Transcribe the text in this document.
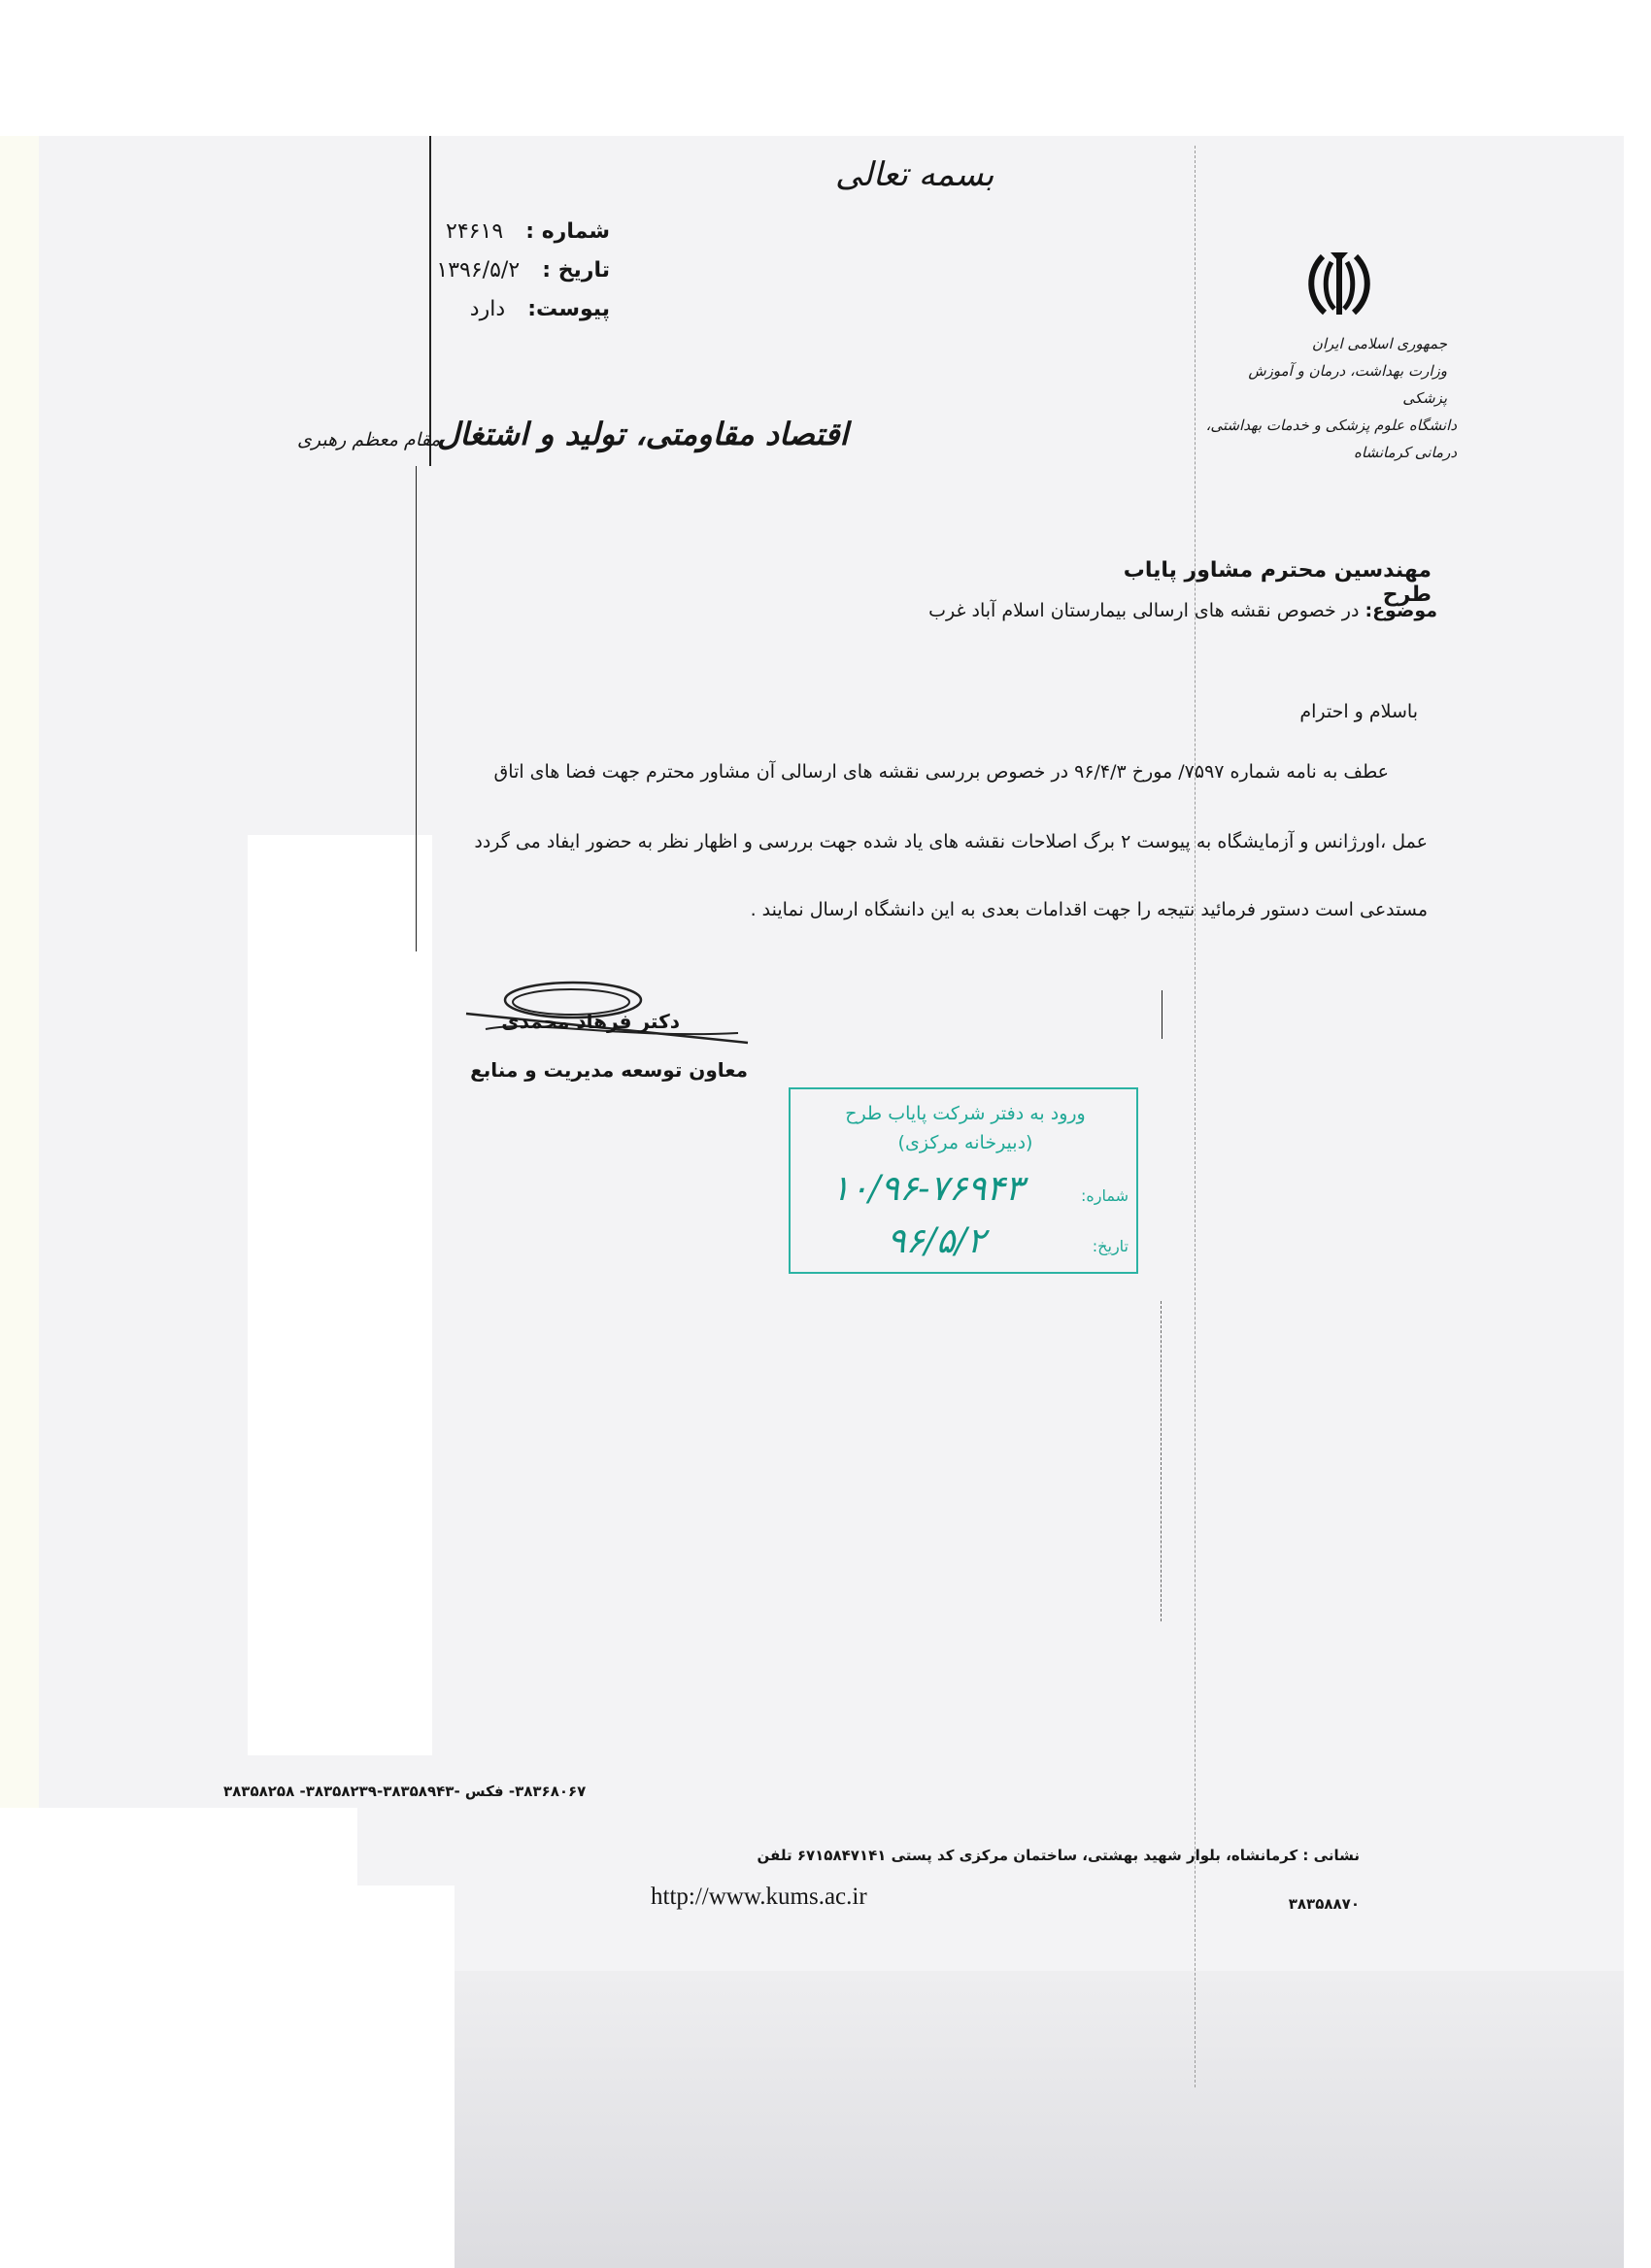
بسمه تعالی
شماره : ۲۴۶۱۹
تاریخ : ۱۳۹۶/۵/۲
پیوست: دارد
جمهوری اسلامی ایران
وزارت بهداشت، درمان و آموزش پزشکی
دانشگاه علوم پزشکی و خدمات بهداشتی، درمانی کرمانشاه
اقتصاد مقاومتی، تولید و اشتغال
مقام معظم رهبری
مهندسین محترم مشاور پایاب طرح
موضوع: در خصوص نقشه های ارسالی بیمارستان اسلام آباد غرب
باسلام و احترام
عطف به نامه شماره ۷۵۹۷/ مورخ ۹۶/۴/۳ در خصوص بررسی نقشه های ارسالی آن مشاور محترم جهت فضا های اتاق
عمل ،اورژانس و آزمایشگاه به پیوست ۲ برگ اصلاحات نقشه های یاد شده جهت بررسی و اظهار نظر به حضور ایفاد می گردد
مستدعی است دستور فرمائید نتیجه را جهت اقدامات بعدی به این دانشگاه ارسال نمایند .
دکتر فرهاد محمدی
معاون توسعه مدیریت و منابع
ورود به دفتر شرکت پایاب طرح
(دبیرخانه مرکزی)
شماره:
۱۰/۹۶-۷۶۹۴۳
تاریخ:
۹۶/۵/۲
۳۸۳۶۸۰۶۷- فکس -۳۸۳۵۸۹۴۳-۳۸۳۵۸۲۳۹- ۳۸۳۵۸۲۵۸
نشانی : کرمانشاه، بلوار شهید بهشتی، ساختمان مرکزی کد پستی ۶۷۱۵۸۴۷۱۴۱ تلفن
۳۸۳۵۸۸۷۰
http://www.kums.ac.ir
